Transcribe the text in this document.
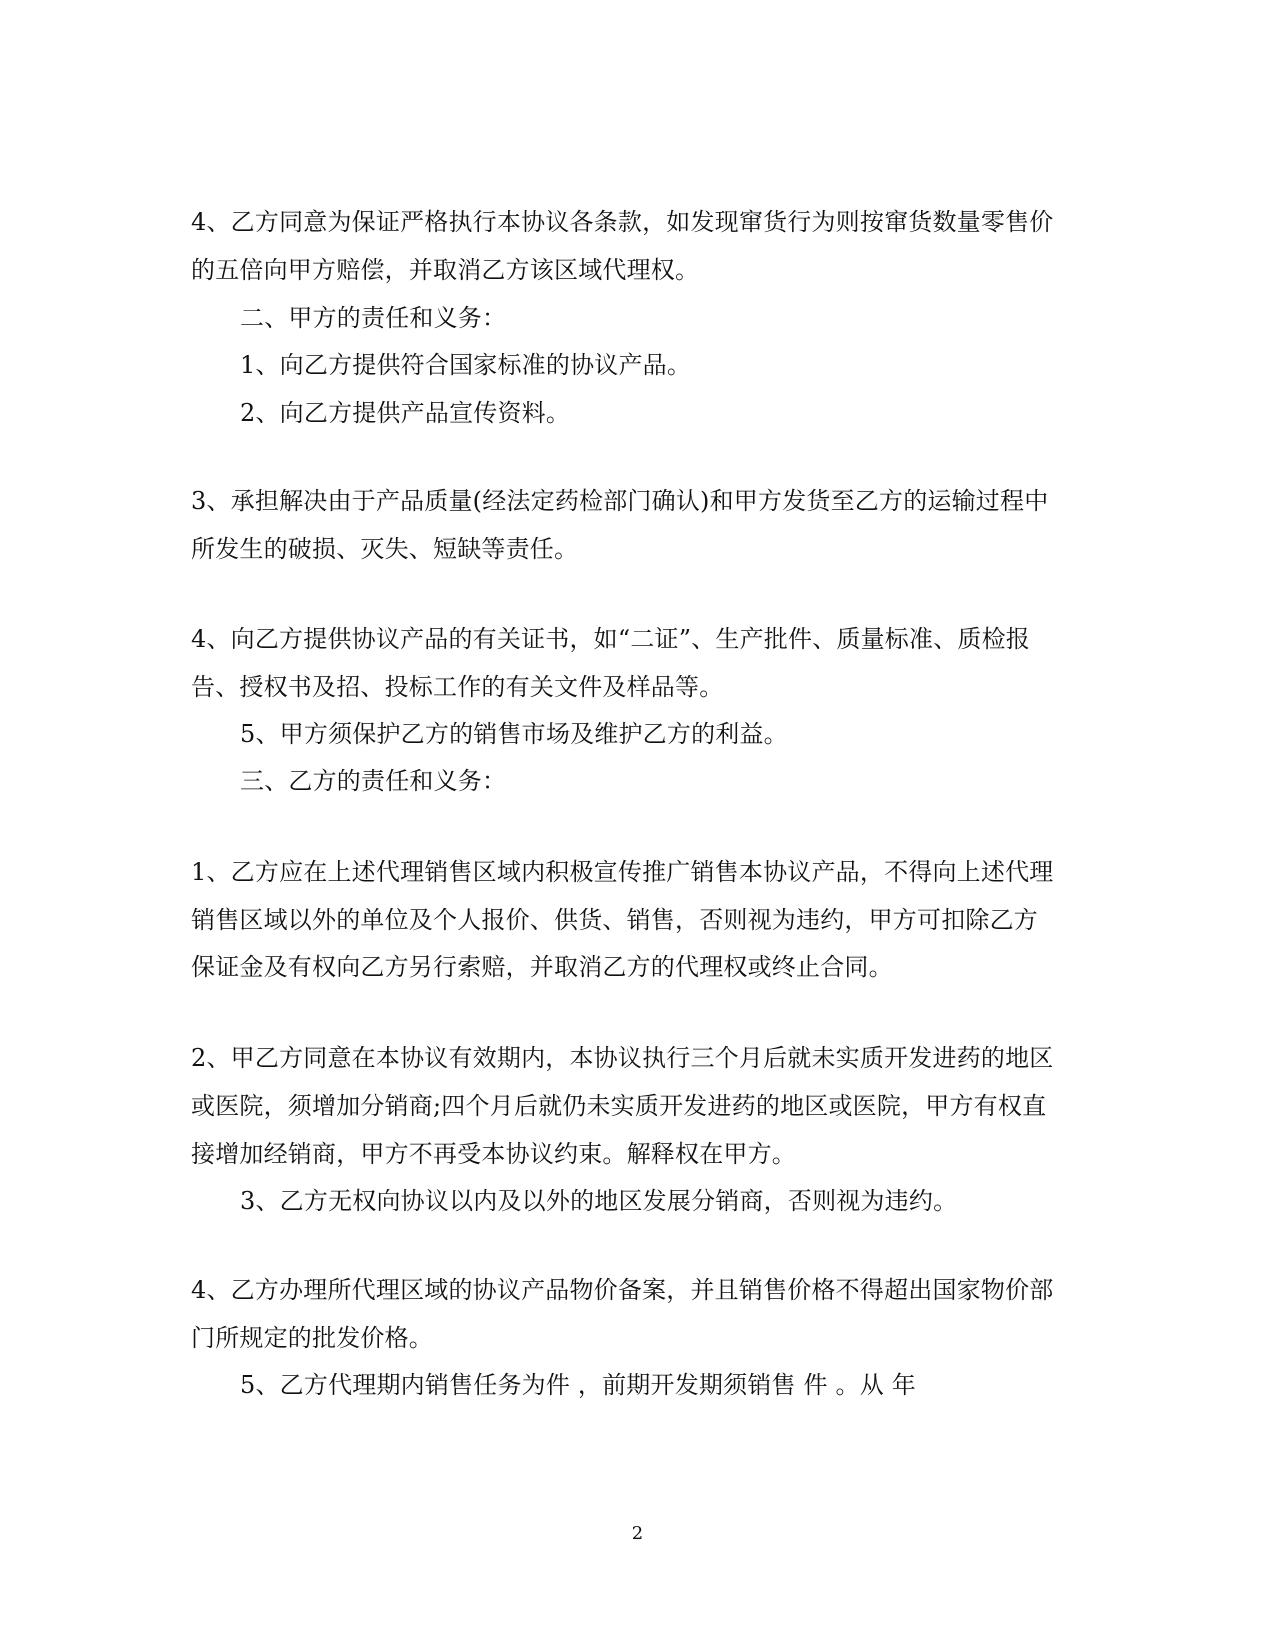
4、乙方同意为保证严格执行本协议各条款，如发现窜货行为则按窜货数量零售价
的五倍向甲方赔偿，并取消乙方该区域代理权。
二、甲方的责任和义务：
1、向乙方提供符合国家标准的协议产品。
2、向乙方提供产品宣传资料。
3、承担解决由于产品质量(经法定药检部门确认)和甲方发货至乙方的运输过程中
所发生的破损、灭失、短缺等责任。
4、向乙方提供协议产品的有关证书，如“二证”、生产批件、质量标准、质检报
告、授权书及招、投标工作的有关文件及样品等。
5、甲方须保护乙方的销售市场及维护乙方的利益。
三、乙方的责任和义务：
1、乙方应在上述代理销售区域内积极宣传推广销售本协议产品，不得向上述代理
销售区域以外的单位及个人报价、供货、销售，否则视为违约，甲方可扣除乙方
保证金及有权向乙方另行索赔，并取消乙方的代理权或终止合同。
2、甲乙方同意在本协议有效期内，本协议执行三个月后就未实质开发进药的地区
或医院，须增加分销商;四个月后就仍未实质开发进药的地区或医院，甲方有权直
接增加经销商，甲方不再受本协议约束。解释权在甲方。
3、乙方无权向协议以内及以外的地区发展分销商，否则视为违约。
4、乙方办理所代理区域的协议产品物价备案，并且销售价格不得超出国家物价部
门所规定的批发价格。
5、乙方代理期内销售任务为件 ，前期开发期须销售 件 。从 年
2
